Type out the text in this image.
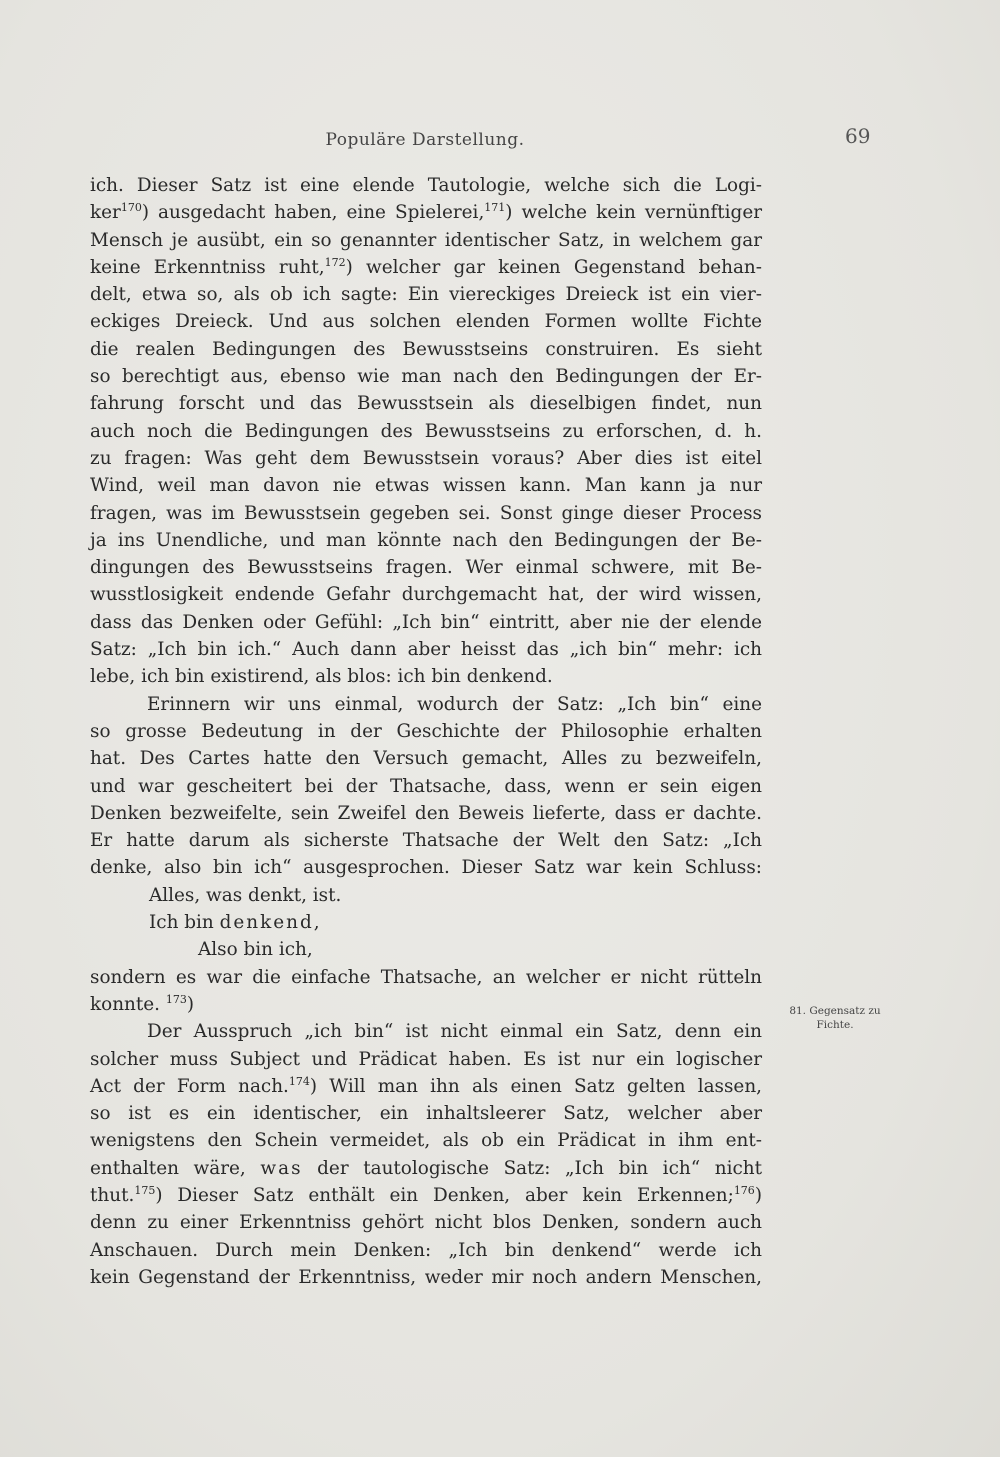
Populäre Darstellung.	69
ich. Dieser Satz ist eine elende Tautologie, welche sich die Logi-
ker$^{170}$) ausgedacht haben, eine Spielerei,$^{171}$) welche kein vernünftiger
Mensch je ausübt, ein so genannter identischer Satz, in welchem gar
keine Erkenntniss ruht,$^{172}$) welcher gar keinen Gegenstand behan-
delt, etwa so, als ob ich sagte: Ein viereckiges Dreieck ist ein vier-
eckiges Dreieck. Und aus solchen elenden Formen wollte Fichte
die realen Bedingungen des Bewusstseins construiren. Es sieht
so berechtigt aus, ebenso wie man nach den Bedingungen der Er-
fahrung forscht und das Bewusstsein als dieselbigen findet, nun
auch noch die Bedingungen des Bewusstseins zu erforschen, d. h.
zu fragen: Was geht dem Bewusstsein voraus? Aber dies ist eitel
Wind, weil man davon nie etwas wissen kann. Man kann ja nur
fragen, was im Bewusstsein gegeben sei. Sonst ginge dieser Process
ja ins Unendliche, und man könnte nach den Bedingungen der Be-
dingungen des Bewusstseins fragen. Wer einmal schwere, mit Be-
wusstlosigkeit endende Gefahr durchgemacht hat, der wird wissen,
dass das Denken oder Gefühl: „Ich bin“ eintritt, aber nie der elende
Satz: „Ich bin ich.“ Auch dann aber heisst das „ich bin“ mehr: ich
lebe, ich bin existirend, als blos: ich bin denkend.
Erinnern wir uns einmal, wodurch der Satz: „Ich bin“ eine
so grosse Bedeutung in der Geschichte der Philosophie erhalten
hat. Des Cartes hatte den Versuch gemacht, Alles zu bezweifeln,
und war gescheitert bei der Thatsache, dass, wenn er sein eigen
Denken bezweifelte, sein Zweifel den Beweis lieferte, dass er dachte.
Er hatte darum als sicherste Thatsache der Welt den Satz: „Ich
denke, also bin ich“ ausgesprochen. Dieser Satz war kein Schluss:
Alles, was denkt, ist.
Ich bin denkend,
Also bin ich,
sondern es war die einfache Thatsache, an welcher er nicht rütteln
konnte. $^{173}$)
Der Ausspruch „ich bin“ ist nicht einmal ein Satz, denn ein
solcher muss Subject und Prädicat haben. Es ist nur ein logischer
Act der Form nach.$^{174}$) Will man ihn als einen Satz gelten lassen,
so ist es ein identischer, ein inhaltsleerer Satz, welcher aber
wenigstens den Schein vermeidet, als ob ein Prädicat in ihm ent-
enthalten wäre, was der tautologische Satz: „Ich bin ich“ nicht
thut.$^{175}$) Dieser Satz enthält ein Denken, aber kein Erkennen;$^{176}$)
denn zu einer Erkenntniss gehört nicht blos Denken, sondern auch
Anschauen. Durch mein Denken: „Ich bin denkend“ werde ich
kein Gegenstand der Erkenntniss, weder mir noch andern Menschen,
81. Gegensatz zu
Fichte.
